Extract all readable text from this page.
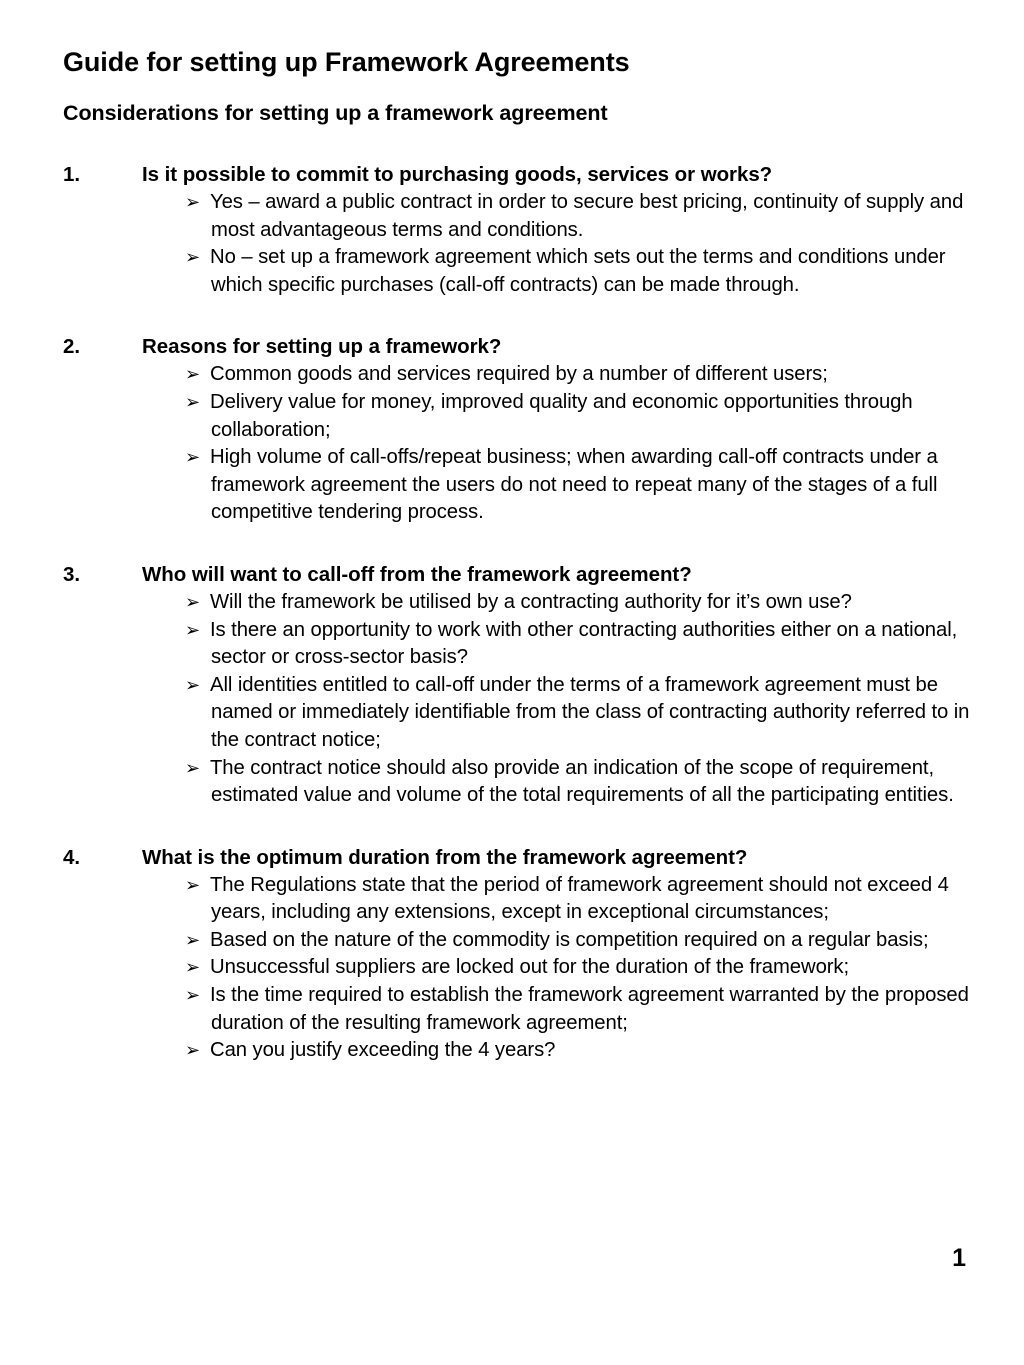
Guide for setting up Framework Agreements
Considerations for setting up a framework agreement
1.	Is it possible to commit to purchasing goods, services or works?
➢ Yes – award a public contract in order to secure best pricing, continuity of supply and most advantageous terms and conditions.
➢ No – set up a framework agreement which sets out the terms and conditions under which specific purchases (call-off contracts) can be made through.
2.	Reasons for setting up a framework?
➢ Common goods and services required by a number of different users;
➢ Delivery value for money, improved quality and economic opportunities through collaboration;
➢ High volume of call-offs/repeat business; when awarding call-off contracts under a framework agreement the users do not need to repeat many of the stages of a full competitive tendering process.
3.	Who will want to call-off from the framework agreement?
➢ Will the framework be utilised by a contracting authority for it’s own use?
➢ Is there an opportunity to work with other contracting authorities either on a national, sector or cross-sector basis?
➢ All identities entitled to call-off under the terms of a framework agreement must be named or immediately identifiable from the class of contracting authority referred to in the contract notice;
➢ The contract notice should also provide an indication of the scope of requirement, estimated value and volume of the total requirements of all the participating entities.
4.	What is the optimum duration from the framework agreement?
➢ The Regulations state that the period of framework agreement should not exceed 4 years, including any extensions, except in exceptional circumstances;
➢ Based on the nature of the commodity is competition required on a regular basis;
➢ Unsuccessful suppliers are locked out for the duration of the framework;
➢ Is the time required to establish the framework agreement warranted by the proposed duration of the resulting framework agreement;
➢ Can you justify exceeding the 4 years?
1
